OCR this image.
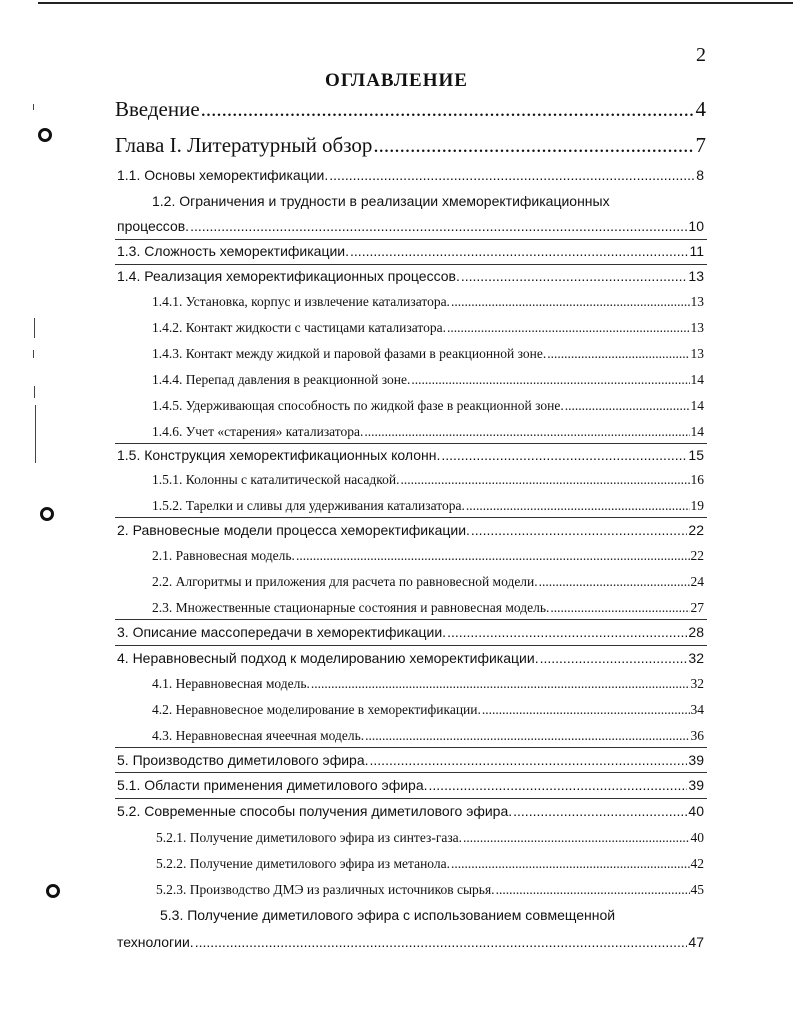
2
ОГЛАВЛЕНИЕ
Введение .....	4
Глава I. Литературный обзор .....	7
1.1. Основы хеморектификации. .....	8
1.2. Ограничения и трудности в реализации хмеморектификационных
процессов. .....	10
1.3. Сложность хеморектификации. .....	11
1.4. Реализация хеморектификационных процессов. .....	13
1.4.1. Установка, корпус и извлечение катализатора. .....	13
1.4.2. Контакт жидкости с частицами катализатора. .....	13
1.4.3. Контакт между жидкой и паровой фазами в реакционной зоне. .....	13
1.4.4. Перепад давления в реакционной зоне. .....	14
1.4.5. Удерживающая способность по жидкой фазе в реакционной зоне. .....	14
1.4.6. Учет «старения» катализатора. .....	14
1.5. Конструкция хеморектификационных колонн. .....	15
1.5.1. Колонны с каталитической насадкой. .....	16
1.5.2. Тарелки и сливы для удерживания катализатора. .....	19
2. Равновесные модели процесса хеморектификации. .....	22
2.1. Равновесная модель. .....	22
2.2. Алгоритмы и приложения для расчета по равновесной модели. .....	24
2.3. Множественные стационарные состояния и равновесная модель. .....	27
3. Описание массопередачи в хеморектификации. .....	28
4. Неравновесный подход к моделированию хеморектификации. .....	32
4.1. Неравновесная модель. .....	32
4.2. Неравновесное моделирование в хеморектификации. .....	34
4.3. Неравновесная ячеечная модель. .....	36
5. Производство диметилового эфира. .....	39
5.1. Области применения диметилового эфира. .....	39
5.2. Современные способы получения диметилового эфира. .....	40
5.2.1. Получение диметилового эфира из синтез-газа. .....	40
5.2.2. Получение диметилового эфира из метанола. .....	42
5.2.3. Производство ДМЭ из различных источников сырья. .....	45
5.3. Получение диметилового эфира с использованием совмещенной
технологии. .....	47
